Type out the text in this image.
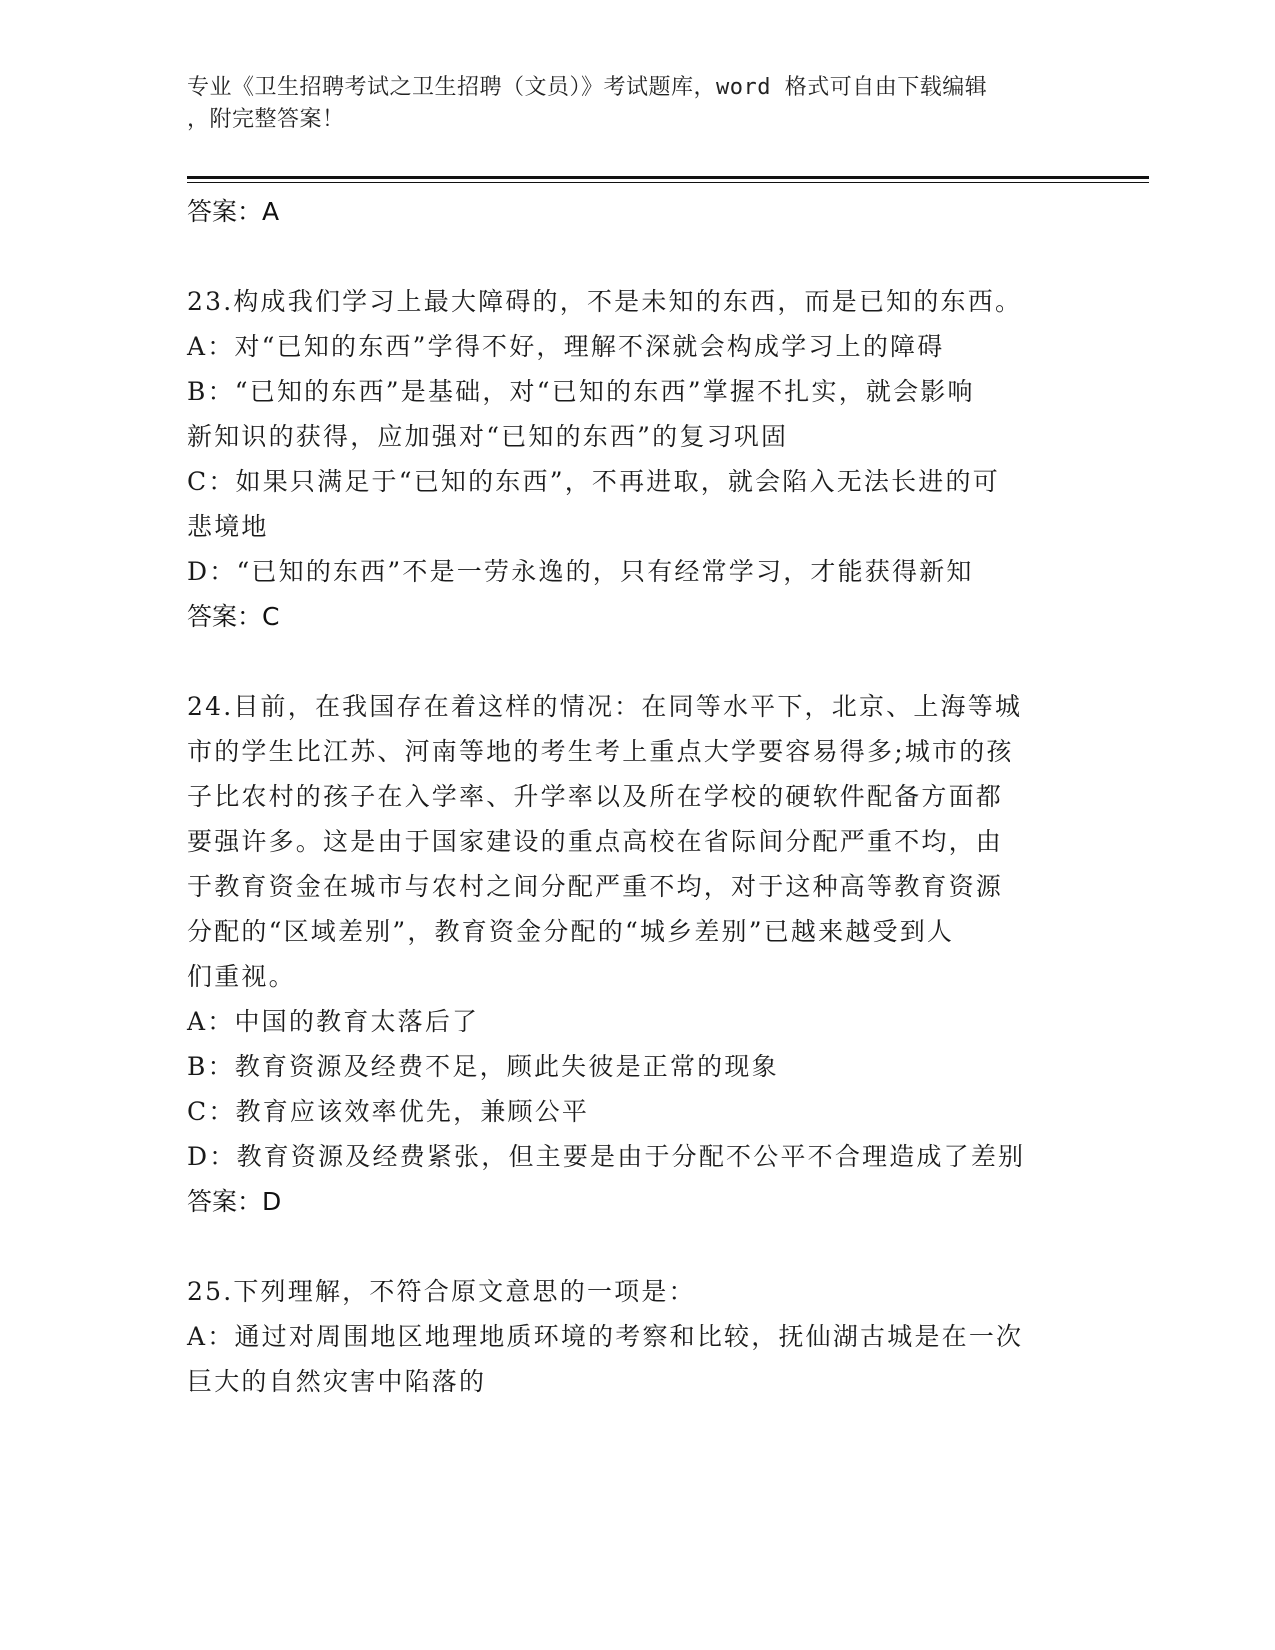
专业《卫生招聘考试之卫生招聘（文员）》考试题库，word 格式可自由下载编辑
，附完整答案！
答案：A
23.构成我们学习上最大障碍的，不是未知的东西，而是已知的东西。
A：对“已知的东西”学得不好，理解不深就会构成学习上的障碍
B：“已知的东西”是基础，对“已知的东西”掌握不扎实，就会影响
新知识的获得，应加强对“已知的东西”的复习巩固
C：如果只满足于“已知的东西”，不再进取，就会陷入无法长进的可
悲境地
D：“已知的东西”不是一劳永逸的，只有经常学习，才能获得新知
答案：C
24.目前，在我国存在着这样的情况：在同等水平下，北京、上海等城
市的学生比江苏、河南等地的考生考上重点大学要容易得多;城市的孩
子比农村的孩子在入学率、升学率以及所在学校的硬软件配备方面都
要强许多。这是由于国家建设的重点高校在省际间分配严重不均，由
于教育资金在城市与农村之间分配严重不均，对于这种高等教育资源
分配的“区域差别”，教育资金分配的“城乡差别”已越来越受到人
们重视。
A：中国的教育太落后了
B：教育资源及经费不足，顾此失彼是正常的现象
C：教育应该效率优先，兼顾公平
D：教育资源及经费紧张，但主要是由于分配不公平不合理造成了差别
答案：D
25.下列理解，不符合原文意思的一项是：
A：通过对周围地区地理地质环境的考察和比较，抚仙湖古城是在一次
巨大的自然灾害中陷落的
